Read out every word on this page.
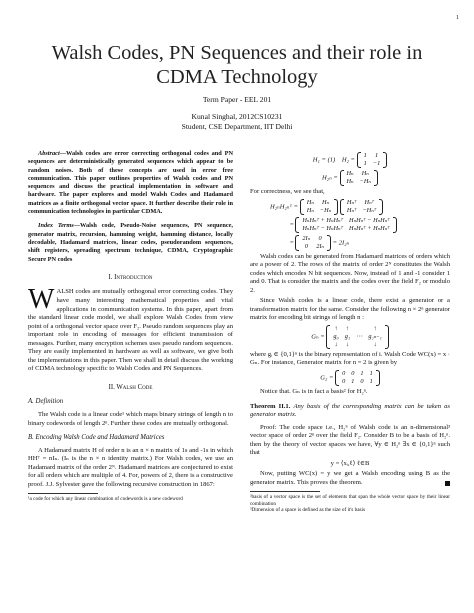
1
Walsh Codes, PN Sequences and their role in
CDMA Technology
Term Paper - EEL 201
Kunal Singhal, 2012CS10231
Student, CSE Department, IIT Delhi

Abstract—Walsh codes are error correcting orthogonal codes and PN sequences are deterministically generated sequences which appear to be random noises. Both of these concepts are used in error free communication. This paper outlines properties of Walsh codes and PN sequences and discuss the practical implementation in software and hardware. The paper explores and model Walsh Codes and Hadamard matrices as a finite orthogonal vector space. It further describe their role in communication technologies in particular CDMA.

Index Terms—Walsh code, Pseudo-Noise sequences, PN sequence, generator matrix, recursion, hamming weight, hamming distance, locally decodable, Hadamard matrices, linear codes, pseudorandom sequences, shift registers, spreading spectrum technique, CDMA, Cryptographic Secure PN codes

I. Introduction

WALSH codes are mutually orthogonal error correcting codes. They have many interesting mathematical properties and vital applications in communication systems. In this paper, apart from the standard linear code model, we shall explore Walsh Codes from view point of a orthogonal vector space over F₂. Pseudo random sequences play an important role in encoding of messages for efficient transmission of messages. Further, many encryption schemes uses pseudo random sequences. They are easily implemented in hardware as well as software, we give both the implementations in this paper. Then we shall in detail discuss the working of CDMA technology specific to Walsh Codes and PN Sequences.

II. Walsh Code
A. Definition

The Walsh code is a linear code¹ which maps binary strings of length n to binary codewords of length 2ⁿ. Further these codes are mutually orthogonal.

B. Encoding Walsh Code and Hadamard Matrices

A Hadamard matrix H of order n is an n × n matrix of 1s and -1s in which HHᵀ = nIₙ. (Iₙ is the n × n identity matrix.) For Walsh codes, we use an Hadamard matrix of the order 2ᴺ. Hadamard matrices are conjectured to exist for all orders which are multiple of 4. For, powers of 2, there is a constructive proof. J.J. Sylvester gave the following recursive construction in 1867:

¹a code for which any linear combination of codewords is a new codeword

H₁ = (1) H₂ =
1	1
1	−1
H₂ₙ =
Hₙ	Hₙ
Hₙ	−Hₙ

For correctness, we see that,

H₂ₙH₂ₙᵀ =
Hₙ	Hₙ
Hₙ	−Hₙ

Hₙᵀ	Hₙᵀ
Hₙᵀ	−Hₙᵀ
=
HₙHₙᵀ + HₙHₙᵀ	HₙHₙᵀ − HₙHₙᵀ
HₙHₙᵀ − HₙHₙᵀ	HₙHₙᵀ + HₙHₙᵀ
=
2Iₙ	0
0	2Iₙ = 2I₂ₙ

Walsh codes can be generated from Hadamard matrices of orders which are a power of 2. The rows of the matrix of order 2ᴺ constitutes the Walsh codes which encodes N bit sequences. Now, instead of 1 and -1 consider 1 and 0. That is consider the matrix and the codes over the field F₂ or modulo 2.

Since Walsh codes is a linear code, there exist a generator or a transformation matrix for the same. Consider the following n × 2ⁿ generator matrix for encoding bit strings of length n :

Gₙ =
↑	↑		↑
g₀	g₁	⋯	g₂ₙ₋₁
↓	↓		↓

where gᵢ ∈ {0,1}ⁿ is the binary representation of i. Walsh Code WC(x) = x · Gₙ. For instance, Generator matrix for n = 2 is given by

G₂ =
0	0	1	1
0	1	0	1

Notice that. Gₙ is in fact a basis² for H₂ⁿ.

Theorem II.1. Any basis of the corresponding matrix can be taken as generator matrix.

Proof: The code space i.e., H₂ⁿ of Walsh code is an n-dimensional³ vector space of order 2ⁿ over the field F₂. Consider B to be a basis of H₂ⁿ. then by the theory of vector spaces we have, ∀y ∈ H₂ⁿ ∃x ∈ {0,1}ⁿ such that

y = ⟨xᵢ,ℓ⟩ ℓ∈B

Now, putting WC(x) = y we get a Walsh encoding using B as the generator matrix. This proves the theorem.

²basis of a vector space is the set of elements that span the whole vector space by their linear combination

³Dimension of a space is defined as the size of it's basis
